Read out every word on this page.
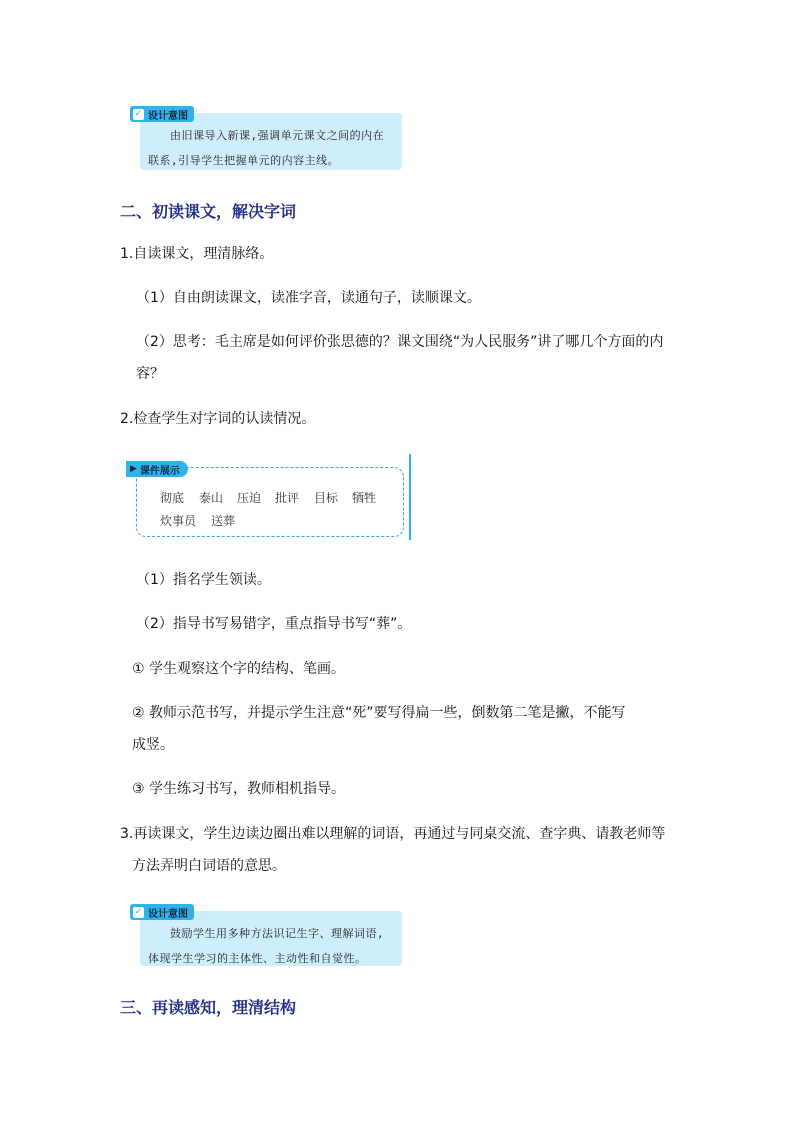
✓ 设计意图
由旧课导入新课,强调单元课文之间的内在联系,引导学生把握单元的内容主线。
二、初读课文，解决字词
1.自读课文，理清脉络。
（1）自由朗读课文，读准字音，读通句子，读顺课文。
（2）思考：毛主席是如何评价张思德的？课文围绕“为人民服务”讲了哪几个方面的内
容？
2.检查学生对字词的认读情况。
▶ 课件展示
彻底 泰山 压迫 批评 目标 牺牲
炊事员 送葬
（1）指名学生领读。
（2）指导书写易错字，重点指导书写“葬”。
① 学生观察这个字的结构、笔画。
② 教师示范书写，并提示学生注意“死”要写得扁一些，倒数第二笔是撇，不能写
成竖。
③ 学生练习书写，教师相机指导。
3.再读课文，学生边读边圈出难以理解的词语，再通过与同桌交流、查字典、请教老师等
方法弄明白词语的意思。
✓ 设计意图
鼓励学生用多种方法识记生字、理解词语,体现学生学习的主体性、主动性和自觉性。
三、再读感知，理清结构
